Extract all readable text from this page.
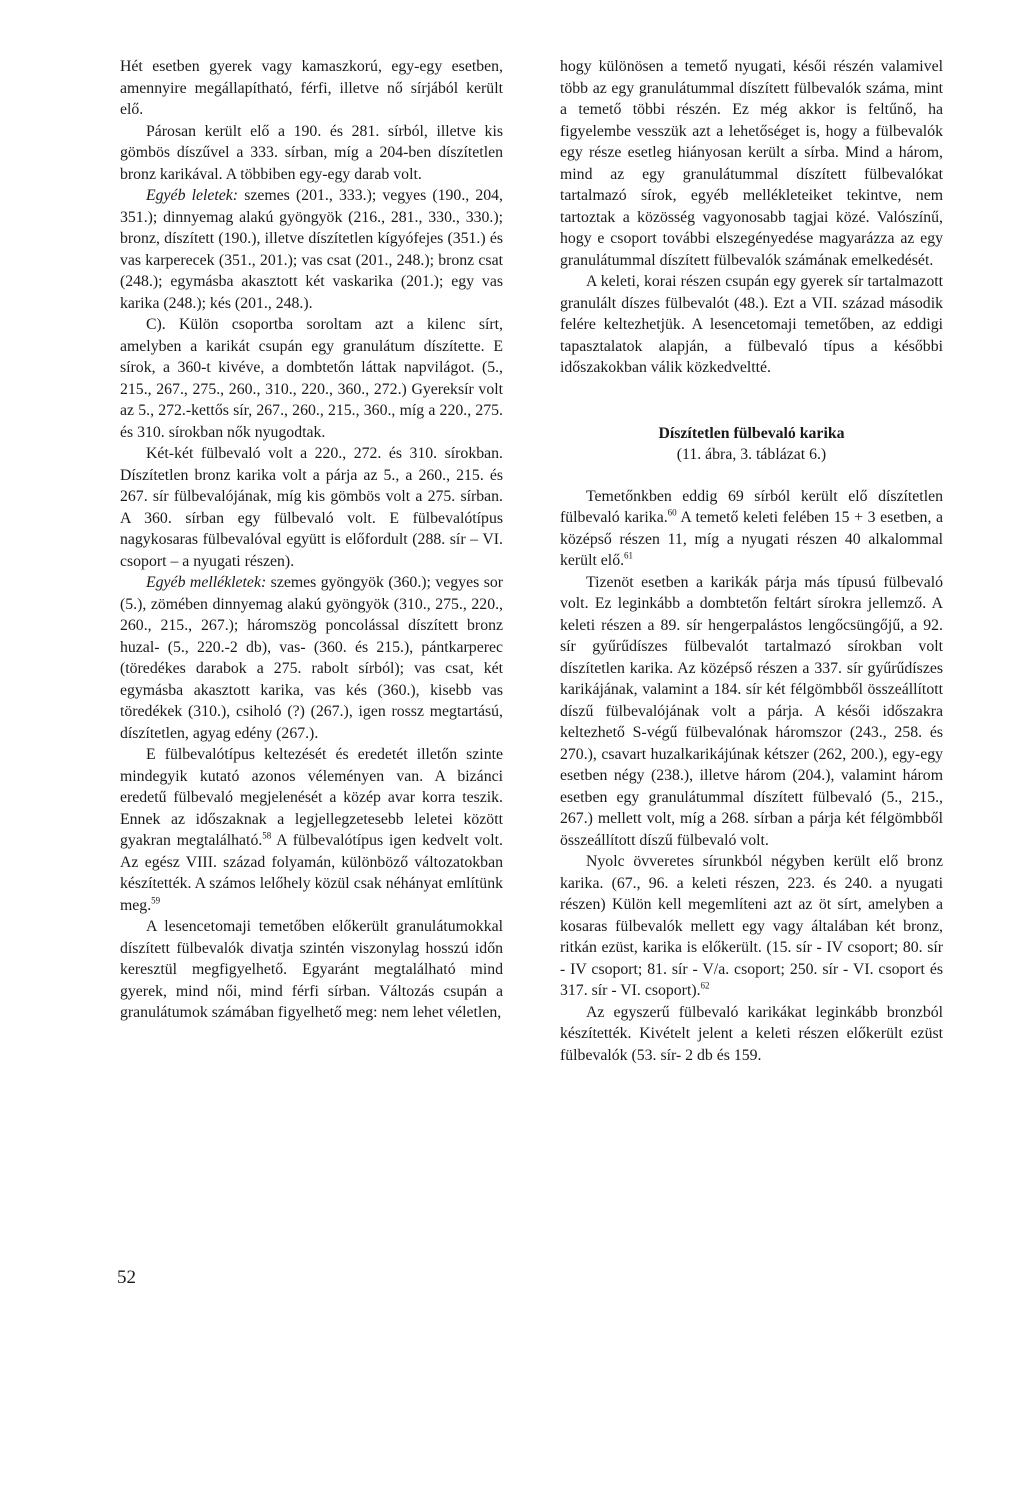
Hét esetben gyerek vagy kamaszkorú, egy-egy esetben, amennyire megállapítható, férfi, illetve nő sírjából került elő.

Párosan került elő a 190. és 281. sírból, illetve kis gömbös díszűvel a 333. sírban, míg a 204-ben díszítetlen bronz karikával. A többiben egy-egy darab volt.

Egyéb leletek: szemes (201., 333.); vegyes (190., 204, 351.); dinnyemag alakú gyöngyök (216., 281., 330., 330.); bronz, díszített (190.), illetve díszítetlen kígyófejes (351.) és vas karperecek (351., 201.); vas csat (201., 248.); bronz csat (248.); egymásba akasztott két vaskarika (201.); egy vas karika (248.); kés (201., 248.).

C). Külön csoportba soroltam azt a kilenc sírt, amelyben a karikát csupán egy granulátum díszítette. E sírok, a 360-t kivéve, a dombtetőn láttak napvilágot. (5., 215., 267., 275., 260., 310., 220., 360., 272.) Gyereksír volt az 5., 272.-kettős sír, 267., 260., 215., 360., míg a 220., 275. és 310. sírokban nők nyugodtak.

Két-két fülbevaló volt a 220., 272. és 310. sírokban. Díszítetlen bronz karika volt a párja az 5., a 260., 215. és 267. sír fülbevalójának, míg kis gömbös volt a 275. sírban. A 360. sírban egy fülbevaló volt. E fülbevalótípus nagykosaras fülbevalóval együtt is előfordult (288. sír – VI. csoport – a nyugati részen).

Egyéb mellékletek: szemes gyöngyök (360.); vegyes sor (5.), zömében dinnyemag alakú gyöngyök (310., 275., 220., 260., 215., 267.); háromszög poncolással díszített bronz huzal- (5., 220.-2 db), vas- (360. és 215.), pántkarperec (töredékes darabok a 275. rabolt sírból); vas csat, két egymásba akasztott karika, vas kés (360.), kisebb vas töredékek (310.), csiholó (?) (267.), igen rossz megtartású, díszítetlen, agyag edény (267.).

E fülbevalótípus keltezését és eredetét illetőn szinte mindegyik kutató azonos véleményen van. A bizánci eredetű fülbevaló megjelenését a közép avar korra teszik. Ennek az időszaknak a legjellegzetesebb leletei között gyakran megtalálható.$^{58}$ A fülbevalótípus igen kedvelt volt. Az egész VIII. század folyamán, különböző változatokban készítették. A számos lelőhely közül csak néhányat említünk meg.$^{59}$

A lesencetomaji temetőben előkerült granulátumokkal díszített fülbevalók divatja szintén viszonylag hosszú időn keresztül megfigyelhető. Egyaránt megtalálható mind gyerek, mind női, mind férfi sírban. Változás csupán a granulátumok számában figyelhető meg: nem lehet véletlen,

hogy különösen a temető nyugati, késői részén valamivel több az egy granulátummal díszített fülbevalók száma, mint a temető többi részén. Ez még akkor is feltűnő, ha figyelembe vesszük azt a lehetőséget is, hogy a fülbevalók egy része esetleg hiányosan került a sírba. Mind a három, mind az egy granulátummal díszített fülbevalókat tartalmazó sírok, egyéb mellékleteiket tekintve, nem tartoztak a közösség vagyonosabb tagjai közé. Valószínű, hogy e csoport további elszegényedése magyarázza az egy granulátummal díszített fülbevalók számának emelkedését.

A keleti, korai részen csupán egy gyerek sír tartalmazott granulált díszes fülbevalót (48.). Ezt a VII. század második felére keltezhetjük. A lesencetomaji temetőben, az eddigi tapasztalatok alapján, a fülbevaló típus a későbbi időszakokban válik közkedveltté.

Díszítetlen fülbevaló karika

(11. ábra, 3. táblázat 6.)

Temetőnkben eddig 69 sírból került elő díszítetlen fülbevaló karika.$^{60}$ A temető keleti felében 15 + 3 esetben, a középső részen 11, míg a nyugati részen 40 alkalommal került elő.$^{61}$

Tizenöt esetben a karikák párja más típusú fülbevaló volt. Ez leginkább a dombtetőn feltárt sírokra jellemző. A keleti részen a 89. sír hengerpalástos lengőcsüngőjű, a 92. sír gyűrűdíszes fülbevalót tartalmazó sírokban volt díszítetlen karika. Az középső részen a 337. sír gyűrűdíszes karikájának, valamint a 184. sír két félgömbből összeállított díszű fülbevalójának volt a párja. A késői időszakra keltezhető S-végű fülbevalónak háromszor (243., 258. és 270.), csavart huzalkarikájúnak kétszer (262, 200.), egy-egy esetben négy (238.), illetve három (204.), valamint három esetben egy granulátummal díszített fülbevaló (5., 215., 267.) mellett volt, míg a 268. sírban a párja két félgömbből összeállított díszű fülbevaló volt.

Nyolc övveretes sírunkból négyben került elő bronz karika. (67., 96. a keleti részen, 223. és 240. a nyugati részen) Külön kell megemlíteni azt az öt sírt, amelyben a kosaras fülbevalók mellett egy vagy általában két bronz, ritkán ezüst, karika is előkerült. (15. sír - IV csoport; 80. sír - IV csoport; 81. sír - V/a. csoport; 250. sír - VI. csoport és 317. sír - VI. csoport).$^{62}$

Az egyszerű fülbevaló karikákat leginkább bronzból készítették. Kivételt jelent a keleti részen előkerült ezüst fülbevalók (53. sír- 2 db és 159.

52
